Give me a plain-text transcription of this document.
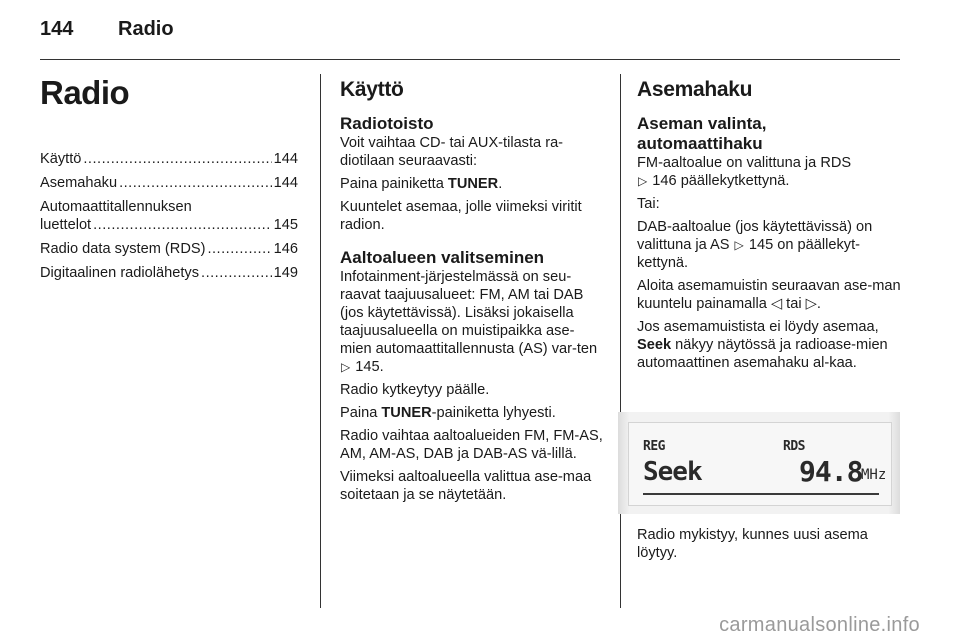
144 Radio
Radio
Käyttö .....	144
Asemahaku .....	144
Automaattitallennuksen
luettelot .....	145
Radio data system (RDS) .....	146
Digitaalinen radiolähetys .....	149
Käyttö
Radiotoisto

Voit vaihtaa CD- tai AUX-tilasta ra-diotilaan seuraavasti:

Paina painiketta TUNER.

Kuuntelet asemaa, jolle viimeksi viritit radion.

Aaltoalueen valitseminen

Infotainment-järjestelmässä on seu-raavat taajuusalueet: FM, AM tai DAB (jos käytettävissä). Lisäksi jokaisella taajuusalueella on muistipaikka ase-mien automaattitallennusta (AS) var-ten ▷ 145.

Radio kytkeytyy päälle.

Paina TUNER-painiketta lyhyesti.

Radio vaihtaa aaltoalueiden FM, FM-AS, AM, AM-AS, DAB ja DAB-AS vä-lillä.

Viimeksi aaltoalueella valittua ase-maa soitetaan ja se näytetään.

Asemahaku
Aseman valinta,
automaattihaku

FM-aaltoalue on valittuna ja RDS
▷ 146 päällekytkettynä.

Tai:

DAB-aaltoalue (jos käytettävissä) on valittuna ja AS ▷ 145 on päällekyt-kettynä.

Aloita asemamuistin seuraavan ase-man kuuntelu painamalla ◁ tai ▷.

Jos asemamuistista ei löydy asemaa, Seek näkyy näytössä ja radioase-mien automaattinen asemahaku al-kaa.

REG	RDS
Seek	94.8
MHz

Radio mykistyy, kunnes uusi asema löytyy.

carmanualsonline.info
